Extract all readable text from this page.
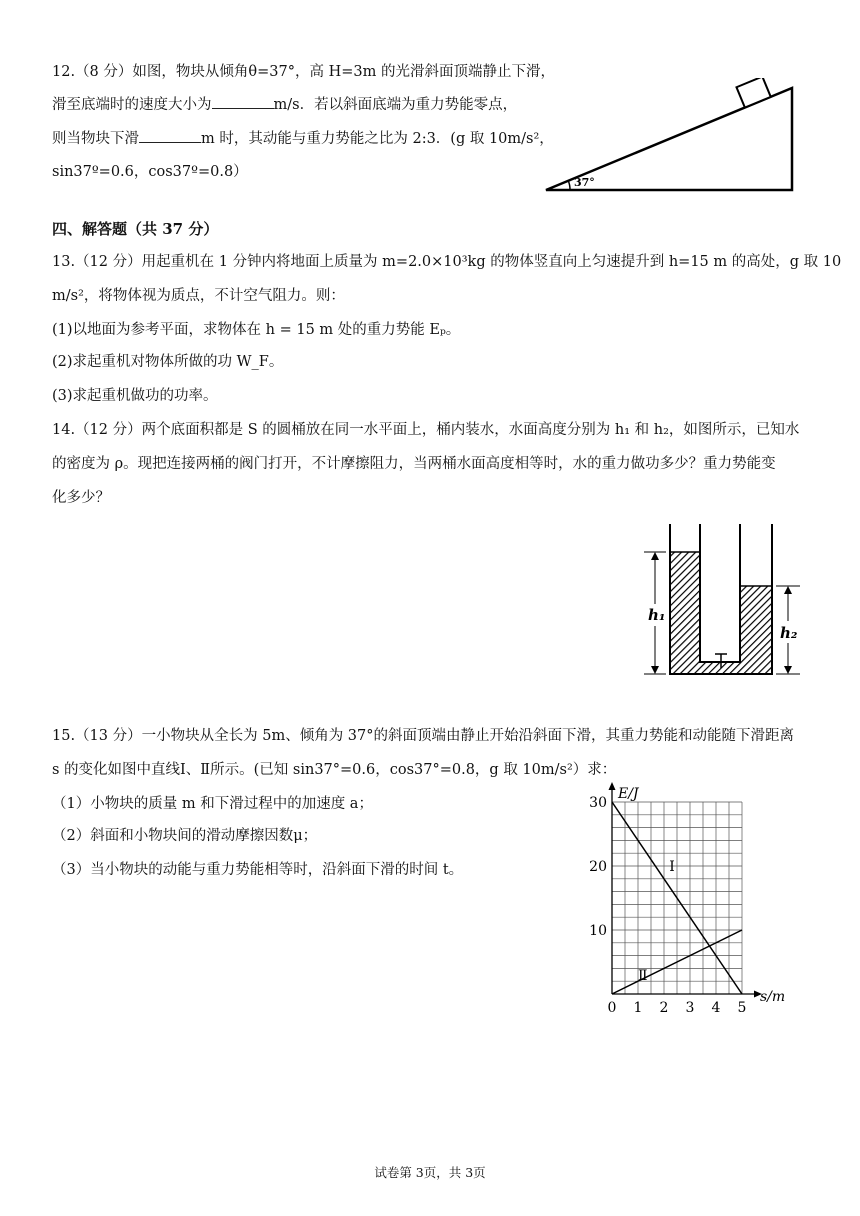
12.（8 分）如图，物块从倾角θ=37°，高 H=3m 的光滑斜面顶端静止下滑，
滑至底端时的速度大小为	m/s．若以斜面底端为重力势能零点，
则当物块下滑	m 时，其动能与重力势能之比为 2:3．(g 取 10m/s²，
sin37º=0.6，cos37º=0.8）
37°
四、解答题（共 37 分）
13.（12 分）用起重机在 1 分钟内将地面上质量为 m=2.0×10³kg 的物体竖直向上匀速提升到 h=15 m 的高处，g 取 10
m/s²，将物体视为质点，不计空气阻力。则：
(1)以地面为参考平面，求物体在 h = 15 m 处的重力势能 Eₚ。
(2)求起重机对物体所做的功 W_F。
(3)求起重机做功的功率。
14.（12 分）两个底面积都是 S 的圆桶放在同一水平面上，桶内装水，水面高度分别为 h₁ 和 h₂，如图所示，已知水
的密度为 ρ。现把连接两桶的阀门打开，不计摩擦阻力，当两桶水面高度相等时，水的重力做功多少？重力势能变
化多少？
h₁
h₂
15.（13 分）一小物块从全长为 5m、倾角为 37°的斜面顶端由静止开始沿斜面下滑，其重力势能和动能随下滑距离
s 的变化如图中直线Ⅰ、Ⅱ所示。(已知 sin37°=0.6，cos37°=0.8，g 取 10m/s²）求：
（1）小物块的质量 m 和下滑过程中的加速度 a；
（2）斜面和小物块间的滑动摩擦因数μ；
（3）当小物块的动能与重力势能相等时，沿斜面下滑的时间 t。
0 1 2 3 4 5
10
20
30
s/m
E/J
Ⅰ
Ⅱ
试卷第 3页，共 3页
